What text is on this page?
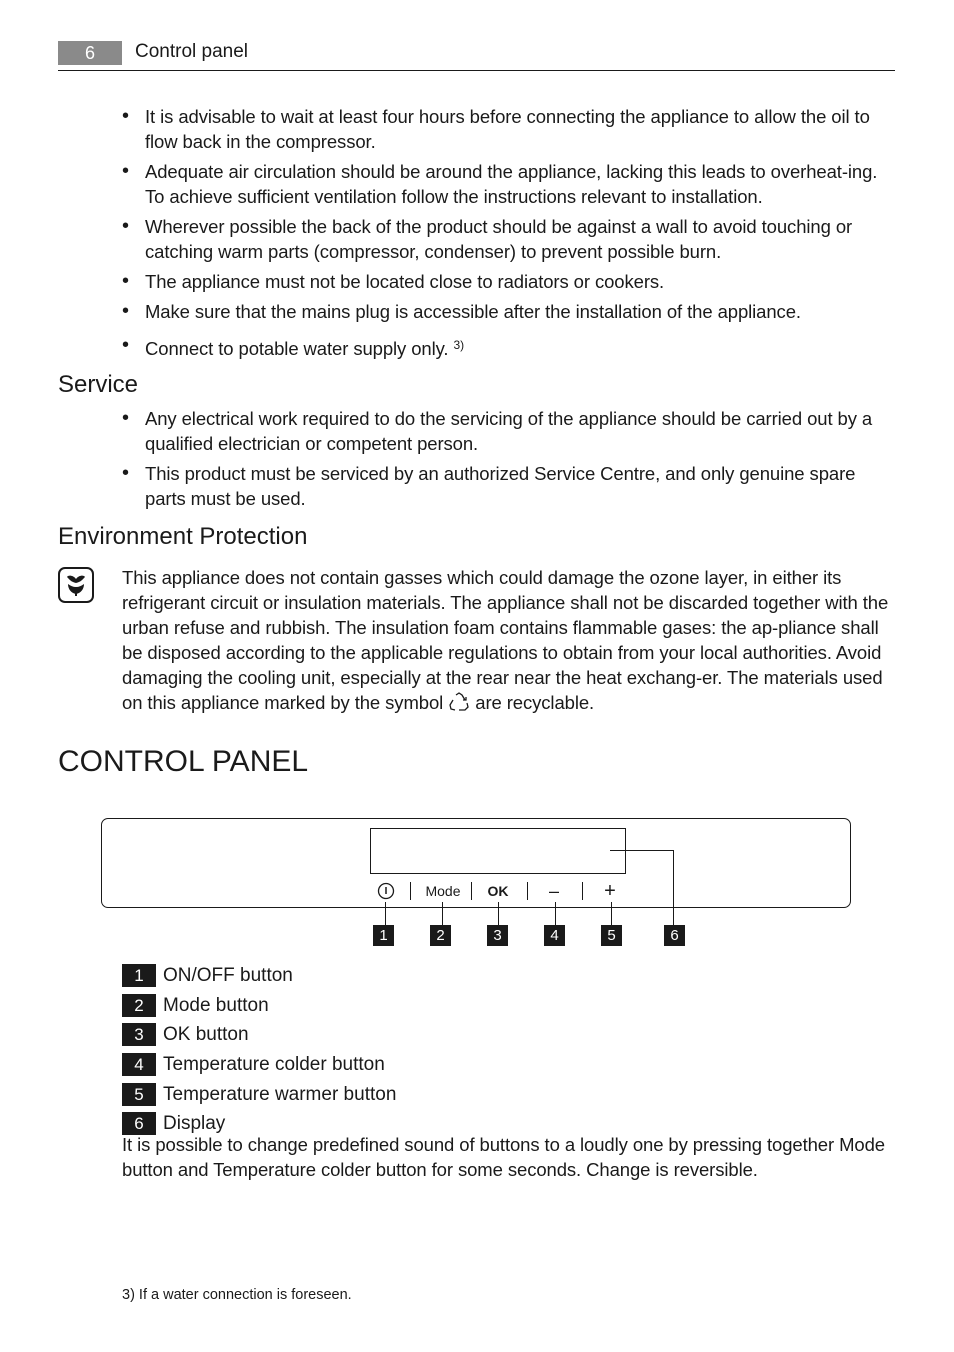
6	Control panel
• It is advisable to wait at least four hours before connecting the appliance to allow the oil to flow back in the compressor.
• Adequate air circulation should be around the appliance, lacking this leads to overheat-ing. To achieve sufficient ventilation follow the instructions relevant to installation.
• Wherever possible the back of the product should be against a wall to avoid touching or catching warm parts (compressor, condenser) to prevent possible burn.
• The appliance must not be located close to radiators or cookers.
• Make sure that the mains plug is accessible after the installation of the appliance.
• Connect to potable water supply only. $^{3)}$
Service
• Any electrical work required to do the servicing of the appliance should be carried out by a qualified electrician or competent person.
• This product must be serviced by an authorized Service Centre, and only genuine spare parts must be used.
Environment Protection
This appliance does not contain gasses which could damage the ozone layer, in either its refrigerant circuit or insulation materials. The appliance shall not be discarded together with the urban refuse and rubbish. The insulation foam contains flammable gases: the ap-pliance shall be disposed according to the applicable regulations to obtain from your local authorities. Avoid damaging the cooling unit, especially at the rear near the heat exchang-er. The materials used on this appliance marked by the symbol are recyclable.
CONTROL PANEL
Mode	OK	–	+
1	2	3	4	5	6
1	ON/OFF button
2	Mode button
3	OK button
4	Temperature colder button
5	Temperature warmer button
6	Display
It is possible to change predefined sound of buttons to a loudly one by pressing together Mode button and Temperature colder button for some seconds. Change is reversible.
3) If a water connection is foreseen.
